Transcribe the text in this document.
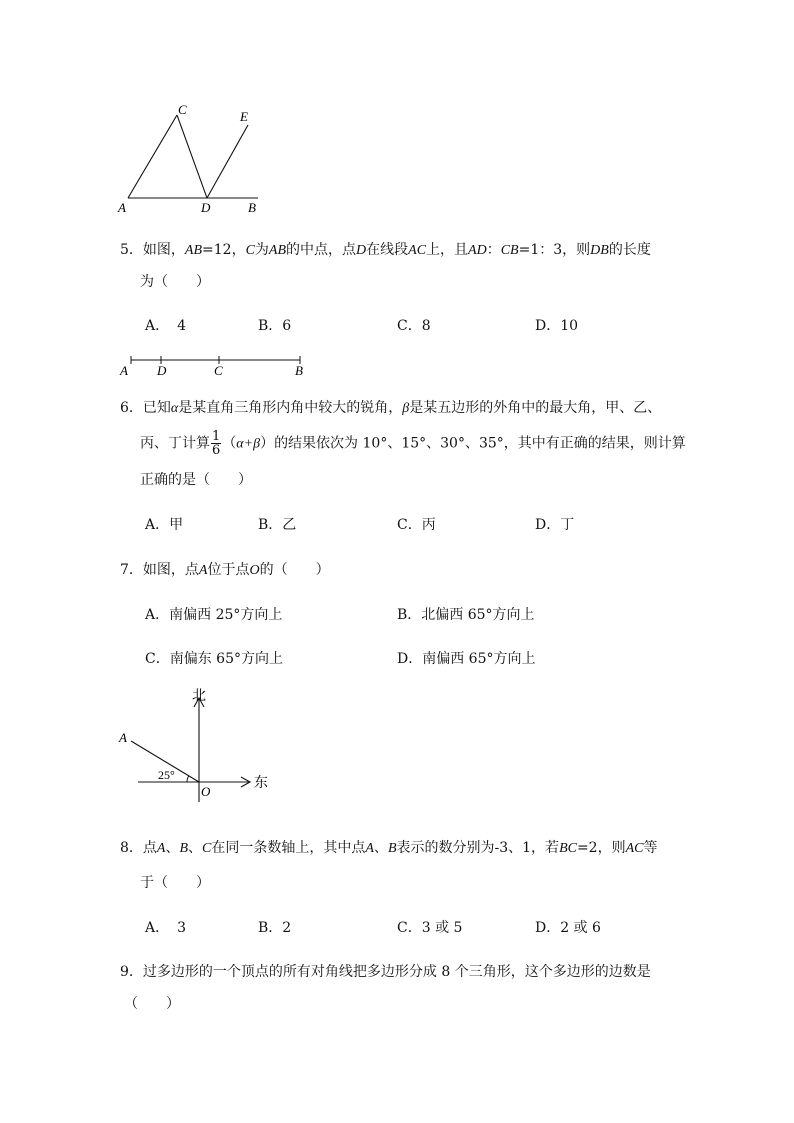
A
C
D
E
B
5．如图，AB=12，C为AB的中点，点D在线段AC上，且AD：CB=1：3，则DB的长度
为（　　）
A． 4	B．6	C．8	D．10
A D	C	B
6．已知α是某直角三角形内角中较大的锐角，β是某五边形的外角中的最大角，甲、乙、
丙、丁计算 $\frac{1}{6} (\alpha+\beta)$的结果依次为 10°、15°、30°、35°，其中有正确的结果，则计算
正确的是（　　）
A．甲	B．乙	C．丙	D．丁
7．如图，点A位于点O的（　　）
A．南偏西 25°方向上	B．北偏西 65°方向上
C．南偏东 65°方向上	D．南偏西 65°方向上
北
东
A
O
25°
8．点A、B、C在同一条数轴上，其中点A、B表示的数分别为-3、1，若BC=2，则AC等
于（　　）
A． 3	B．2	C．3 或 5	D．2 或 6
9．过多边形的一个顶点的所有对角线把多边形分成 8 个三角形，这个多边形的边数是
（　　）
